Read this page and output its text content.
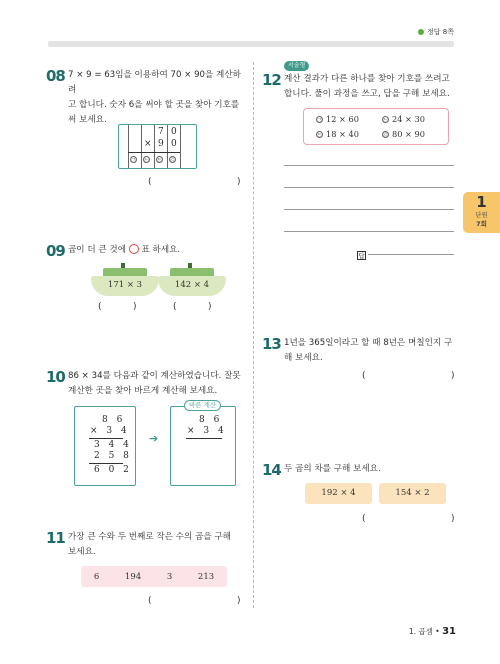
정답 8쪽
1
단원
7회
08 7 × 9 = 63임을 이용하여 70 × 90을 계산하려
고 합니다. 숫자 6을 써야 할 곳을 찾아 기호를
써 보세요.
7 0
× 9 0
㉠ ㉡ ㉢ ㉣
(	)
09 곱이 더 큰 것에 표 하세요.
171 × 3	142 × 4
(	)	(	)
10 86 × 34를 다음과 같이 계산하였습니다. 잘못
계산한 곳을 찾아 바르게 계산해 보세요.
8 6
× 3 4
3 4 4
2 5 8
6 0 2
➔
8 6
× 3 4
바른 계산
11 가장 큰 수와 두 번째로 작은 수의 곱을 구해
보세요.
6	194	3	213
(	)
서술형
12 계산 결과가 다른 하나를 찾아 기호를 쓰려고
합니다. 풀이 과정을 쓰고, 답을 구해 보세요.
㉠ 12 × 60	㉡ 24 × 30
㉢ 18 × 40	㉣ 80 × 90
답
13 1년을 365일이라고 할 때 8년은 며칠인지 구
해 보세요.
(	)
14 두 곱의 차를 구해 보세요.
192 × 4	154 × 2
(	)
1. 곱셈 • 31
